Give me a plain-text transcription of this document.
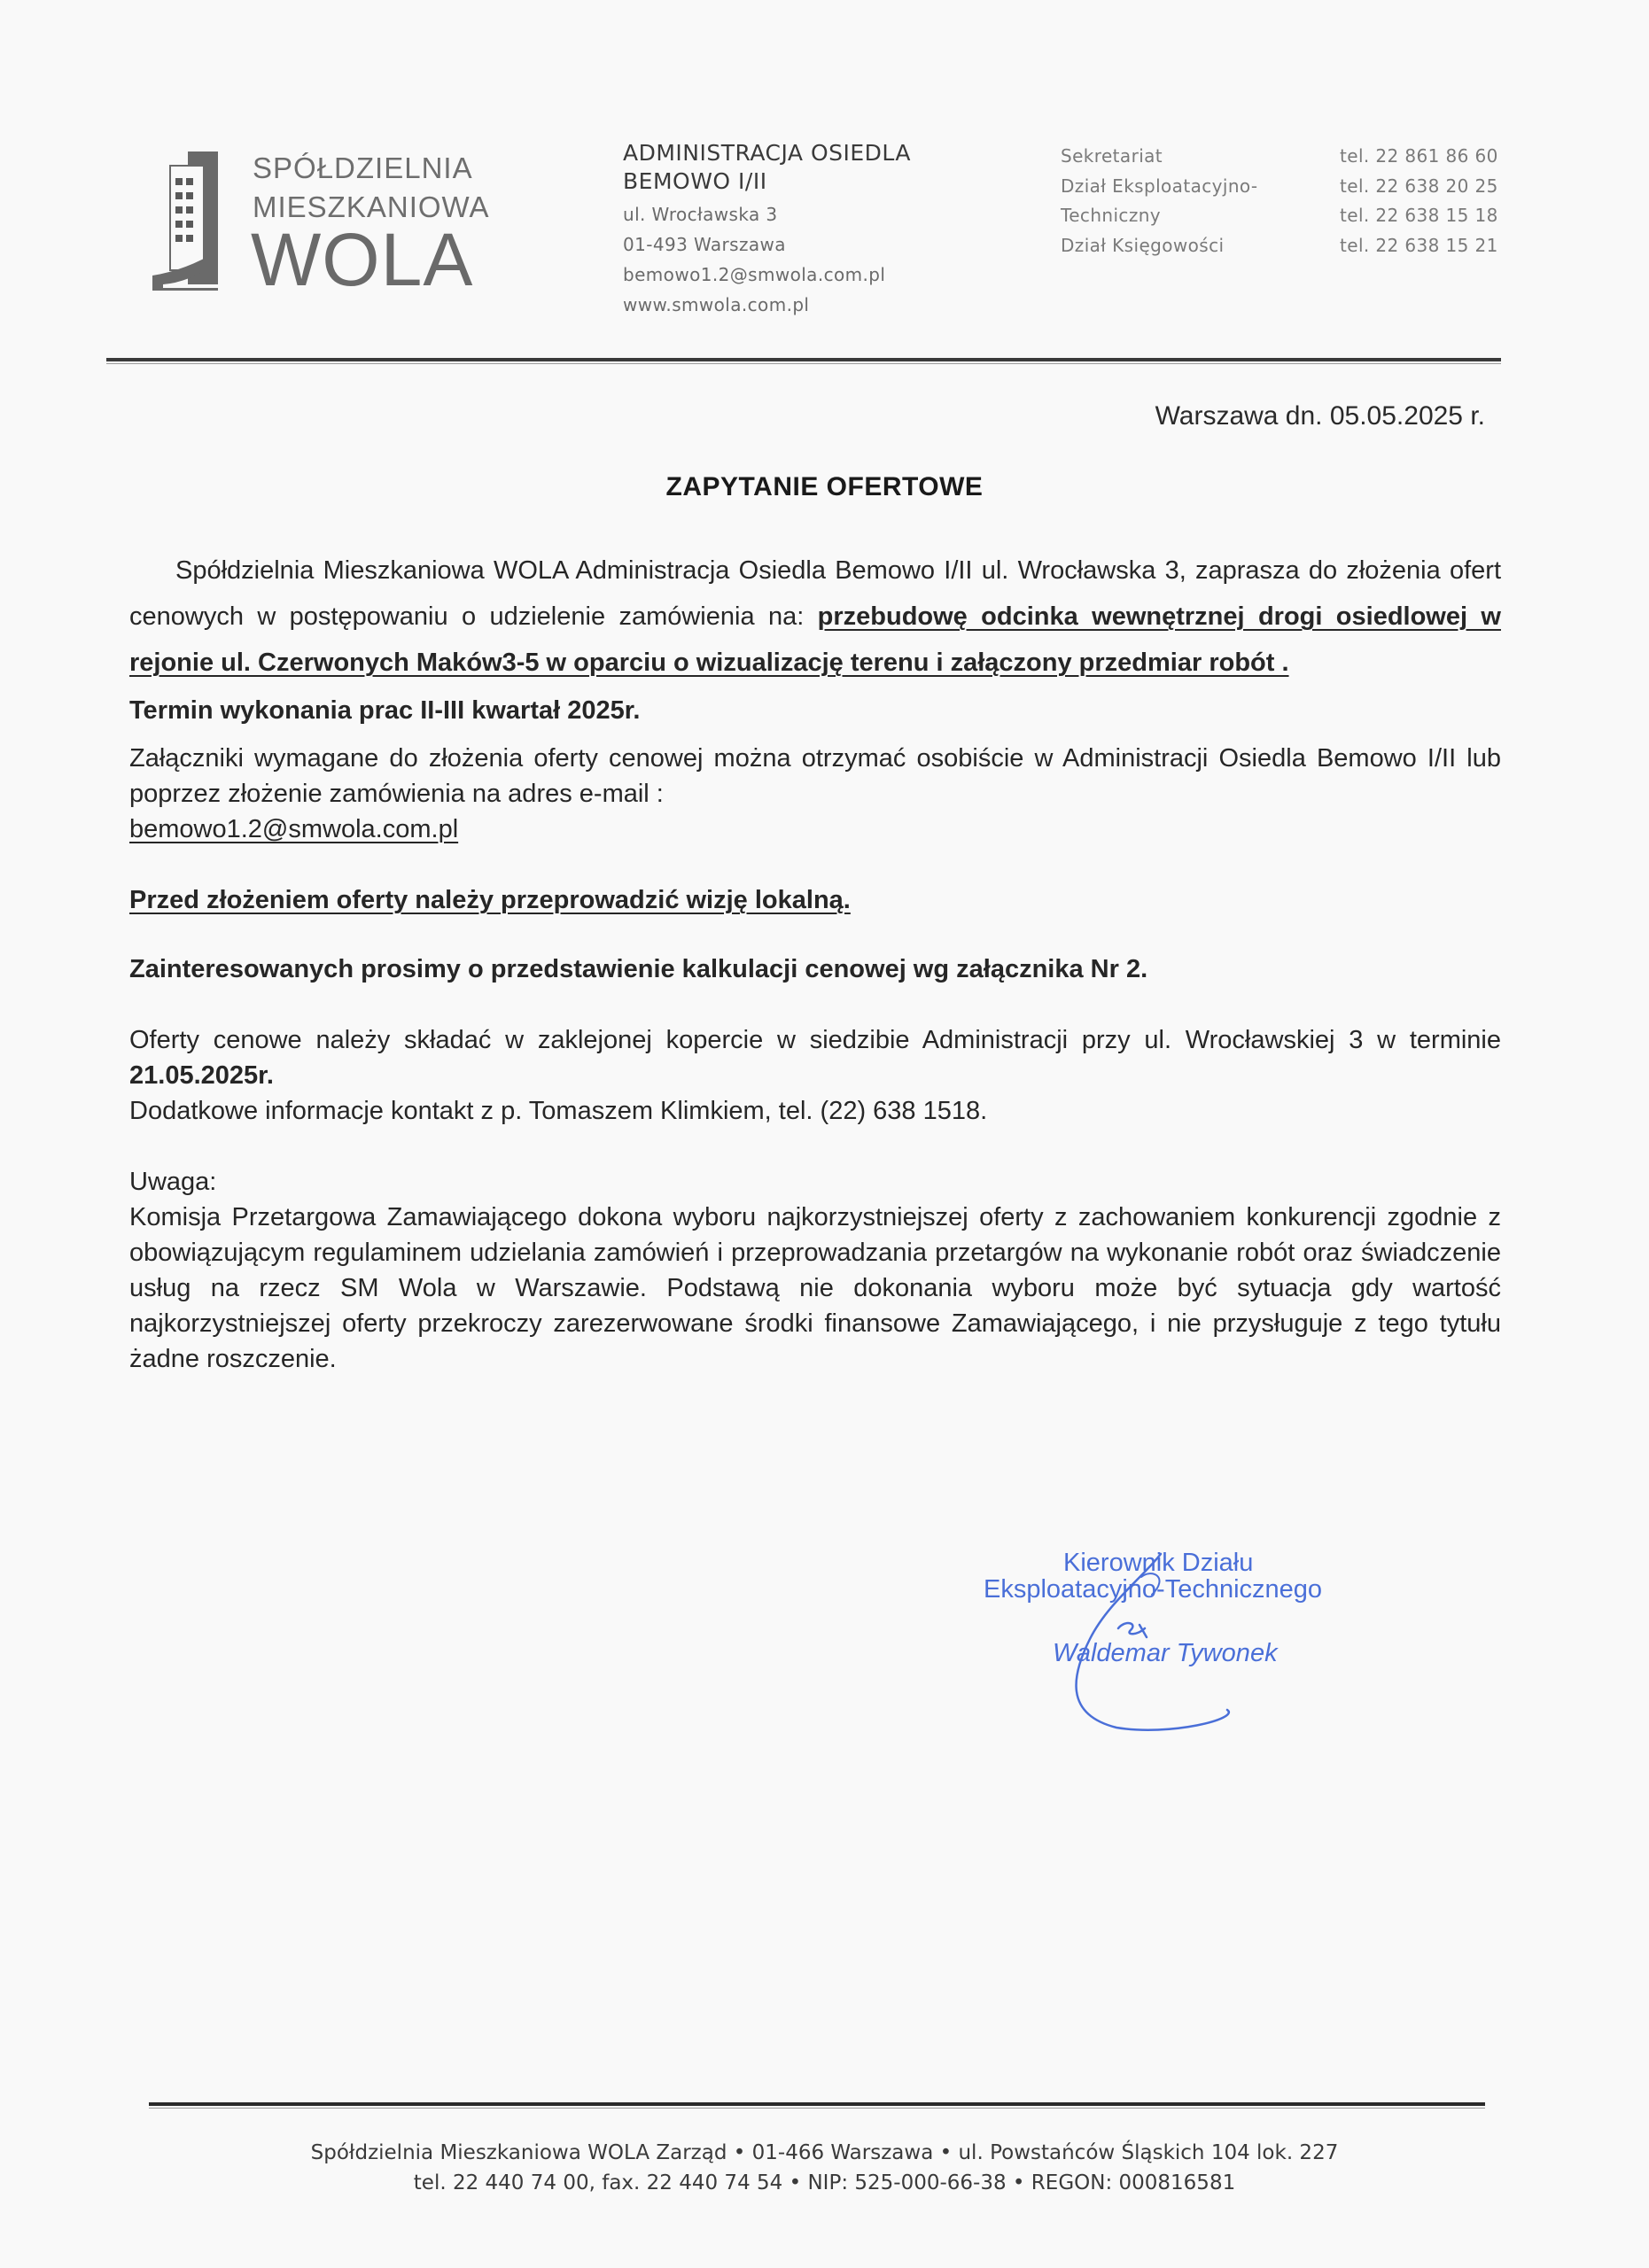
SPÓŁDZIELNIA
MIESZKANIOWA
WOLA
ADMINISTRACJA OSIEDLA
BEMOWO I/II
ul. Wrocławska 3
01-493 Warszawa
bemowo1.2@smwola.com.pl
www.smwola.com.pl
Sekretariat
Dział Eksploatacyjno-
Techniczny
Dział Księgowości
tel. 22 861 86 60
tel. 22 638 20 25
tel. 22 638 15 18
tel. 22 638 15 21
Warszawa dn. 05.05.2025 r.
ZAPYTANIE OFERTOWE

Spółdzielnia Mieszkaniowa WOLA Administracja Osiedla Bemowo I/II ul. Wrocławska 3, zaprasza do złożenia ofert cenowych w postępowaniu o udzielenie zamówienia na: przebudowę odcinka wewnętrznej drogi osiedlowej w rejonie ul. Czerwonych Maków3-5 w oparciu o wizualizację terenu i załączony przedmiar robót .

Termin wykonania prac II-III kwartał 2025r.

Załączniki wymagane do złożenia oferty cenowej można otrzymać osobiście w Administracji Osiedla Bemowo I/II lub poprzez złożenie zamówienia na adres e-mail :

bemowo1.2@smwola.com.pl

Przed złożeniem oferty należy przeprowadzić wizję lokalną.

Zainteresowanych prosimy o przedstawienie kalkulacji cenowej wg załącznika Nr 2.

Oferty cenowe należy składać w zaklejonej kopercie w siedzibie Administracji przy ul. Wrocławskiej 3 w terminie 21.05.2025r.

Dodatkowe informacje kontakt z p. Tomaszem Klimkiem, tel. (22) 638 1518.

Uwaga:

Komisja Przetargowa Zamawiającego dokona wyboru najkorzystniejszej oferty z zachowaniem konkurencji zgodnie z obowiązującym regulaminem udzielania zamówień i przeprowadzania przetargów na wykonanie robót oraz świadczenie usług na rzecz SM Wola w Warszawie. Podstawą nie dokonania wyboru może być sytuacja gdy wartość najkorzystniejszej oferty przekroczy zarezerwowane środki finansowe Zamawiającego, i nie przysługuje z tego tytułu żadne roszczenie.

Kierownik Działu
Eksploatacyjno-Technicznego
Waldemar Tywonek
Spółdzielnia Mieszkaniowa WOLA Zarząd • 01-466 Warszawa • ul. Powstańców Śląskich 104 lok. 227
tel. 22 440 74 00, fax. 22 440 74 54 • NIP: 525-000-66-38 • REGON: 000816581
